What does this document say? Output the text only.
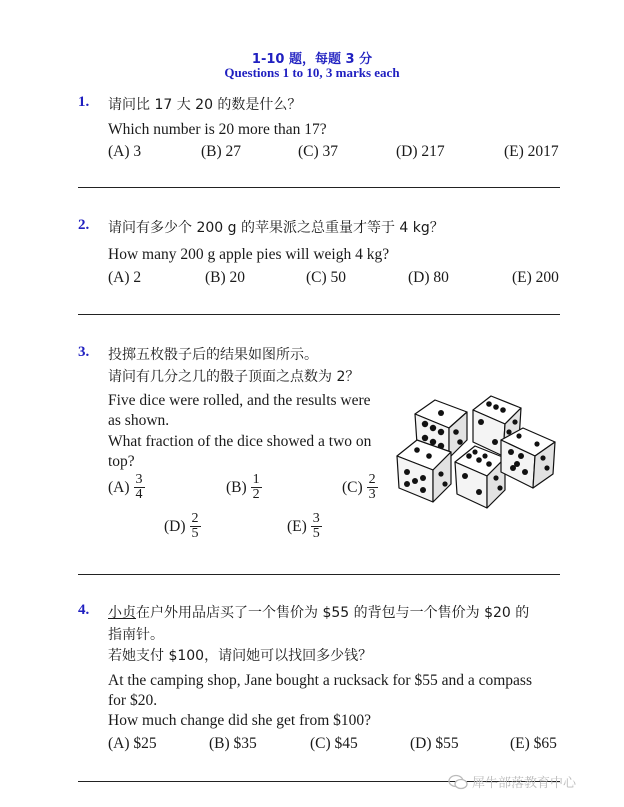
1-10 题，每题 3 分
Questions 1 to 10, 3 marks each
1. 请问比 17 大 20 的数是什么？
Which number is 20 more than 17?
(A) 3	(B) 27	(C) 37	(D) 217	(E) 2017
2. 请问有多少个 200 g 的苹果派之总重量才等于 4 kg？
How many 200 g apple pies will weigh 4 kg?
(A) 2	(B) 20	(C) 50	(D) 80	(E) 200
3. 投掷五枚骰子后的结果如图所示。
请问有几分之几的骰子顶面之点数为 2？
Five dice were rolled, and the results were
as shown.
What fraction of the dice showed a two on
top?
$(A) \frac{3}{4}$	$(B) \frac{1}{2}$	$(C) \frac{2}{3}$
$(D) \frac{2}{5}$	$(E) \frac{3}{5}$
4. 小贞在户外用品店买了一个售价为 $55 的背包与一个售价为 $20 的
指南针。
若她支付 $100，请问她可以找回多少钱？
At the camping shop, Jane bought a rucksack for $55 and a compass
for $20.
How much change did she get from $100?
(A) $25	(B) $35	(C) $45	(D) $55	(E) $65
犀牛部落教育中心
